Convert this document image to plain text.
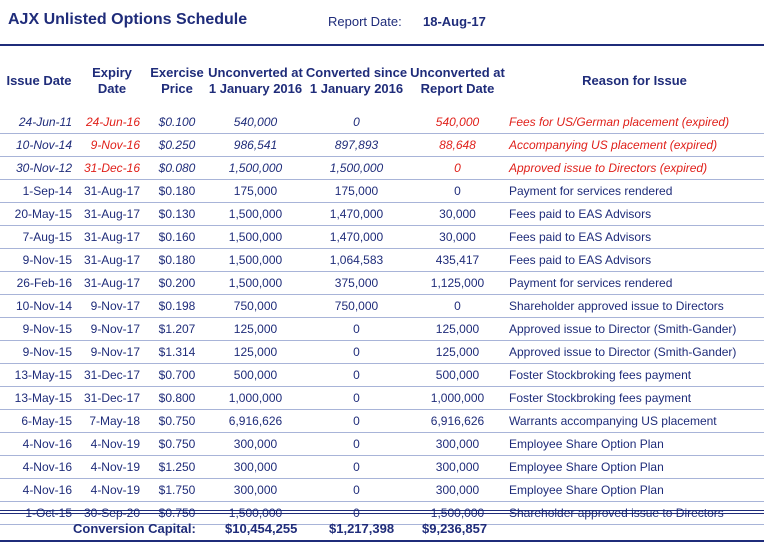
AJX Unlisted Options Schedule	Report Date: 18-Aug-17
Issue Date	Expiry Date	Exercise Price	Unconverted at 1 January 2016	Converted since 1 January 2016	Unconverted at Report Date	Reason for Issue
24-Jun-11	24-Jun-16	$0.100	540,000	0	540,000	Fees for US/German placement (expired)
10-Nov-14	9-Nov-16	$0.250	986,541	897,893	88,648	Accompanying US placement (expired)
30-Nov-12	31-Dec-16	$0.080	1,500,000	1,500,000	0	Approved issue to Directors (expired)
1-Sep-14	31-Aug-17	$0.180	175,000	175,000	0	Payment for services rendered
20-May-15	31-Aug-17	$0.130	1,500,000	1,470,000	30,000	Fees paid to EAS Advisors
7-Aug-15	31-Aug-17	$0.160	1,500,000	1,470,000	30,000	Fees paid to EAS Advisors
9-Nov-15	31-Aug-17	$0.180	1,500,000	1,064,583	435,417	Fees paid to EAS Advisors
26-Feb-16	31-Aug-17	$0.200	1,500,000	375,000	1,125,000	Payment for services rendered
10-Nov-14	9-Nov-17	$0.198	750,000	750,000	0	Shareholder approved issue to Directors
9-Nov-15	9-Nov-17	$1.207	125,000	0	125,000	Approved issue to Director (Smith-Gander)
9-Nov-15	9-Nov-17	$1.314	125,000	0	125,000	Approved issue to Director (Smith-Gander)
13-May-15	31-Dec-17	$0.700	500,000	0	500,000	Foster Stockbroking fees payment
13-May-15	31-Dec-17	$0.800	1,000,000	0	1,000,000	Foster Stockbroking fees payment
6-May-15	7-May-18	$0.750	6,916,626	0	6,916,626	Warrants accompanying US placement
4-Nov-16	4-Nov-19	$0.750	300,000	0	300,000	Employee Share Option Plan
4-Nov-16	4-Nov-19	$1.250	300,000	0	300,000	Employee Share Option Plan
4-Nov-16	4-Nov-19	$1.750	300,000	0	300,000	Employee Share Option Plan
1-Oct-15	30-Sep-20	$0.750	1,500,000	0	1,500,000	Shareholder approved issue to Directors
Conversion Capital: $10,454,255 $1,217,398 $9,236,857
